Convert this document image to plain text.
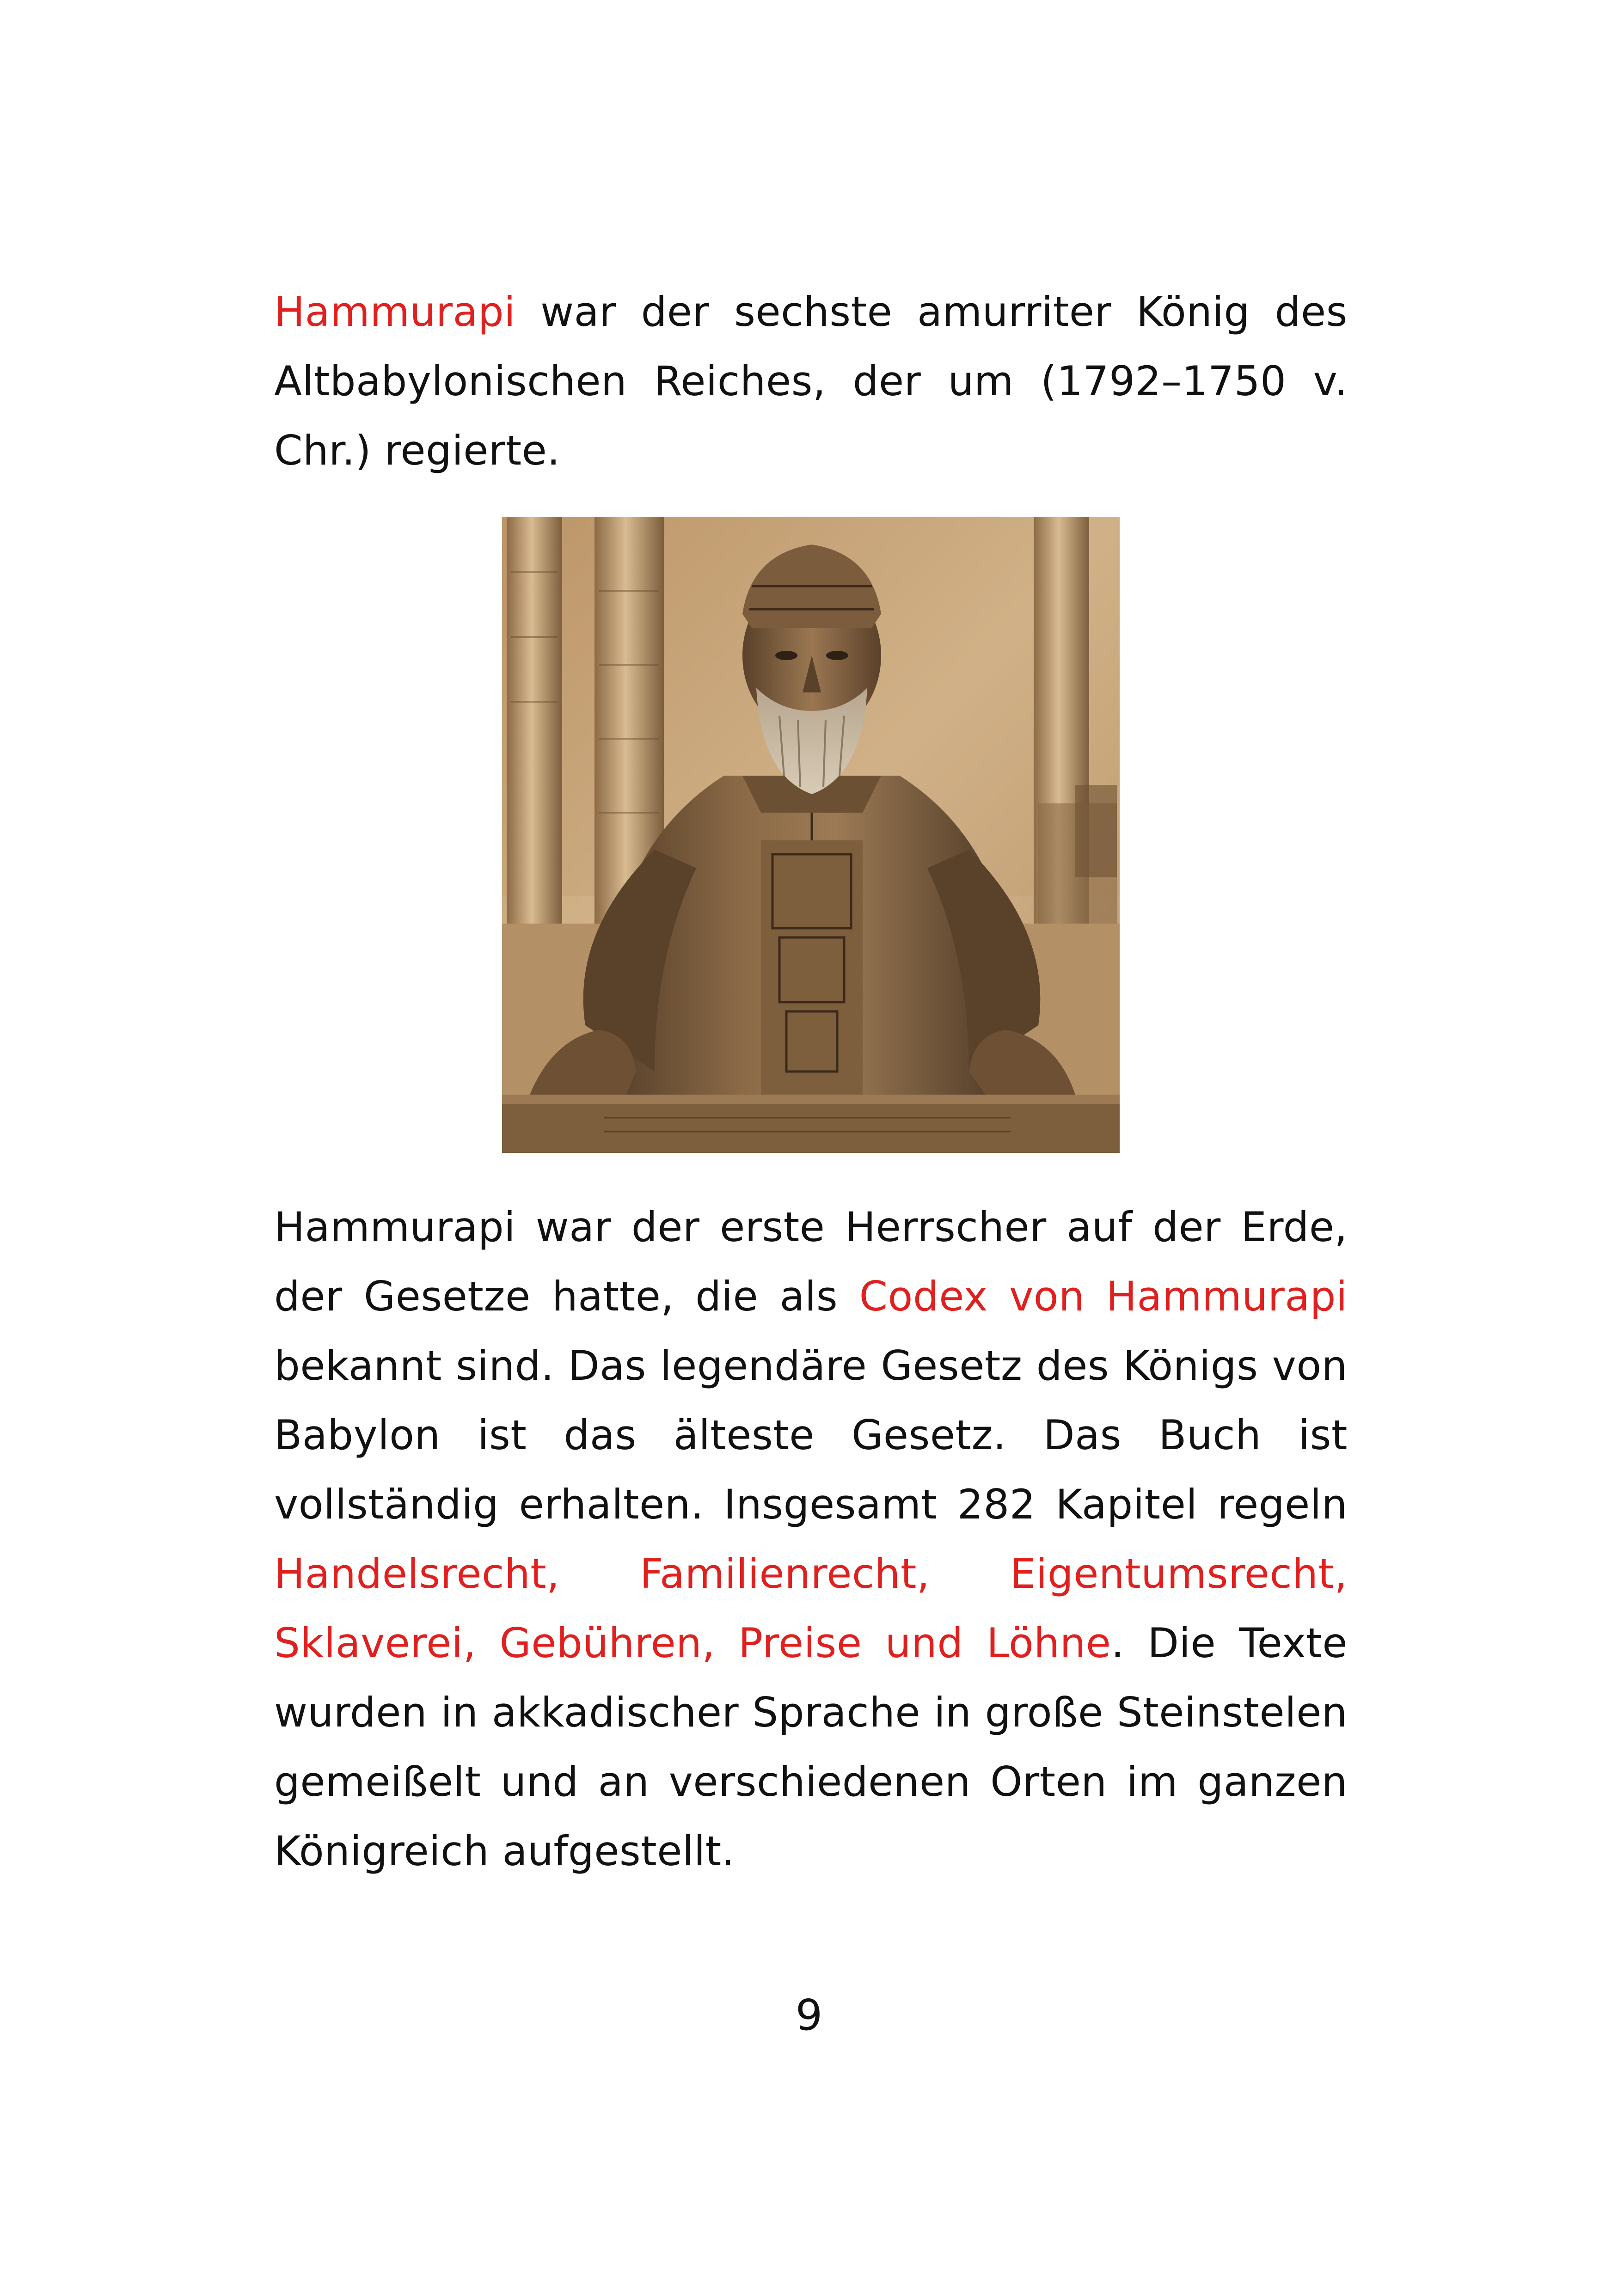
Hammurapi war der sechste amurriter König des Altbabylonischen Reiches, der um (1792–1750 v. Chr.) regierte.

Hammurapi war der erste Herrscher auf der Erde, der Gesetze hatte, die als Codex von Hammurapi bekannt sind. Das legendäre Gesetz des Königs von Babylon ist das älteste Gesetz. Das Buch ist vollständig erhalten. Insgesamt 282 Kapitel regeln Handelsrecht, Familienrecht, Eigentumsrecht, Sklaverei, Gebühren, Preise und Löhne. Die Texte wurden in akkadischer Sprache in große Steinstelen gemeißelt und an verschiedenen Orten im ganzen Königreich aufgestellt.

9
